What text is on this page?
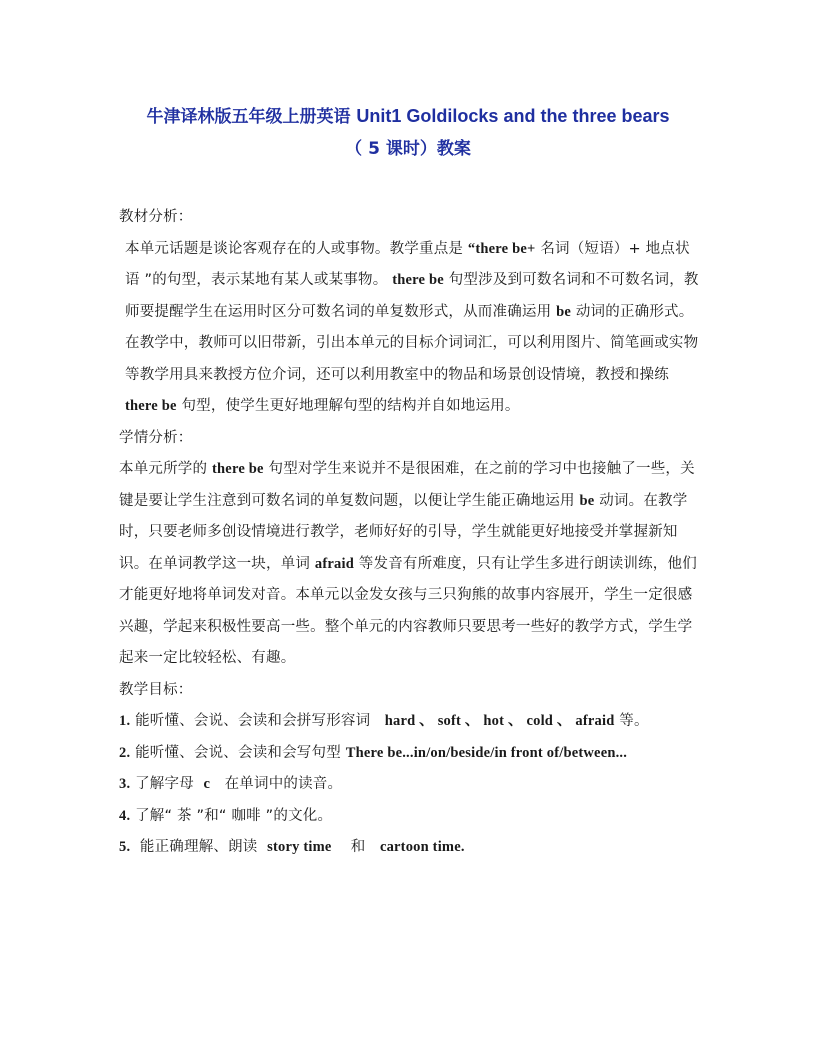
牛津译林版五年级上册英语 Unit1 Goldilocks and the three bears
（ 5 课时）教案

教材分析：

本单元话题是谈论客观存在的人或事物。教学重点是 “there be+ 名词（短语）+ 地点状语 ”的句型，表示某地有某人或某事物。 there be 句型涉及到可数名词和不可数名词，教师要提醒学生在运用时区分可数名词的单复数形式，从而准确运用 be 动词的正确形式。在教学中，教师可以旧带新，引出本单元的目标介词词汇，可以利用图片、简笔画或实物等教学用具来教授方位介词，还可以利用教室中的物品和场景创设情境，教授和操练 there be 句型，使学生更好地理解句型的结构并自如地运用。

学情分析：

本单元所学的 there be 句型对学生来说并不是很困难，在之前的学习中也接触了一些，关键是要让学生注意到可数名词的单复数问题，以便让学生能正确地运用 be 动词。在教学时，只要老师多创设情境进行教学，老师好好的引导，学生就能更好地接受并掌握新知识。在单词教学这一块，单词 afraid 等发音有所难度，只有让学生多进行朗读训练，他们才能更好地将单词发对音。本单元以金发女孩与三只狗熊的故事内容展开，学生一定很感兴趣，学起来积极性要高一些。整个单元的内容教师只要思考一些好的教学方式，学生学起来一定比较轻松、有趣。

教学目标：

1. 能听懂、会说、会读和会拼写形容词 hard 、 soft 、 hot 、 cold 、 afraid 等。

2. 能听懂、会说、会读和会写句型 There be...in/on/beside/in front of/between...

3. 了解字母 c 在单词中的读音。

4. 了解“ 茶 ”和“ 咖啡 ”的文化。

5. 能正确理解、朗读 story time 和 cartoon time.
